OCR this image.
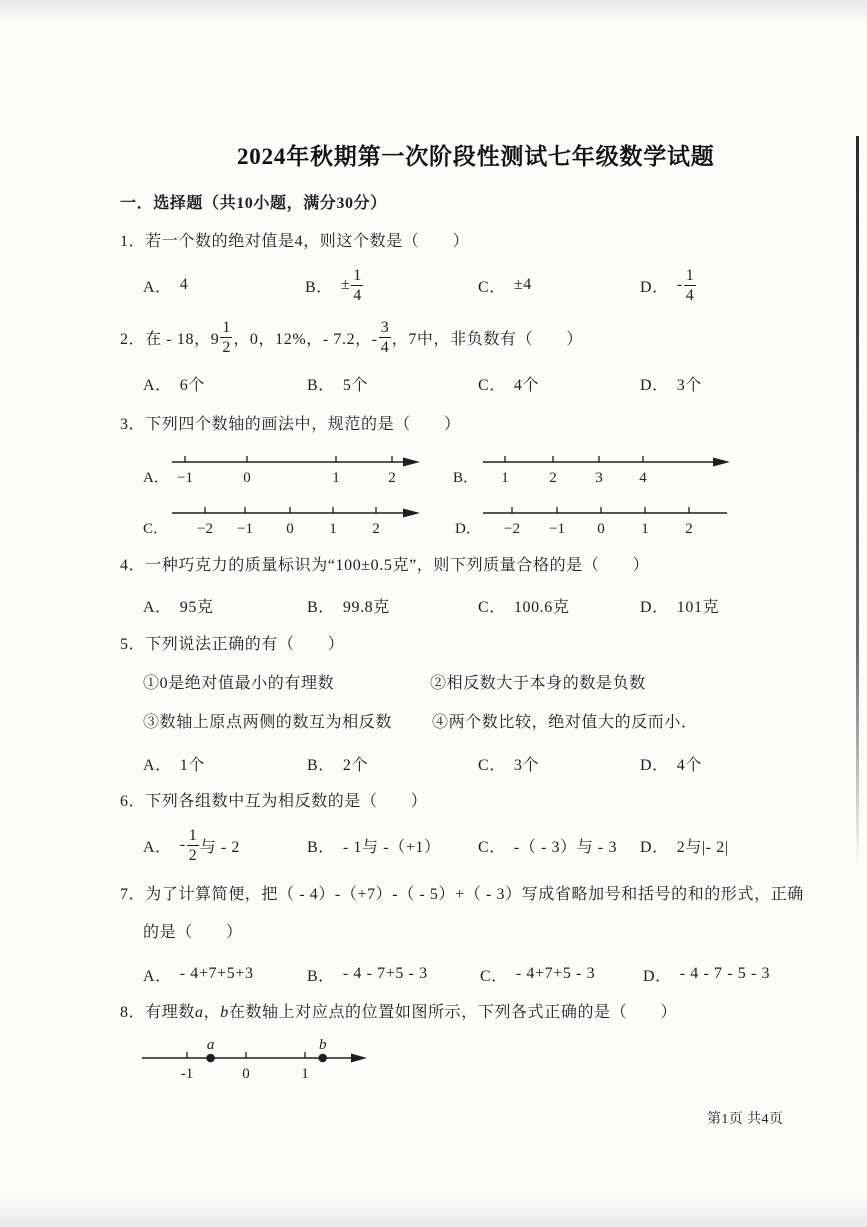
2024年秋期第一次阶段性测试七年级数学试题
一．选择题（共10小题，满分30分）
1．若一个数的绝对值是4，则这个数是（　　）
A． 4	B． ± $\frac{1}{4}$	C． ±4	D． - $\frac{1}{4}$
2．在 - 18，$9 \frac{1}{2}$ ，0，12%，- 7.2，- $\frac{3}{4}$ ，7中，非负数有（　　）
A． 6个	B． 5个	C． 4个	D． 3个
3．下列四个数轴的画法中，规范的是（　　）
A． −1	0	1	2	B． 1	2	3 4
C． −2 −1 0 1 2	D． −2 −1 0 1 2
4．一种巧克力的质量标识为“100±0.5克”，则下列质量合格的是（　　）
A． 95克	B． 99.8克	C． 100.6克	D． 101克
5．下列说法正确的有（　　）
①0是绝对值最小的有理数	②相反数大于本身的数是负数
③数轴上原点两侧的数互为相反数 ④两个数比较，绝对值大的反而小．
A． 1个	B． 2个	C． 3个	D． 4个
6．下列各组数中互为相反数的是（　　）
A． - $\frac{1}{2}$ 与 - 2	B． - 1与 -（+1） C． -（ - 3）与 - 3 D． 2与|- 2|
7．为了计算简便，把（ - 4）-（+7）-（ - 5）+（ - 3）写成省略加号和括号的和的形式，正确
的是（　　）
A． - 4+7+5+3	B． - 4 - 7+5 - 3	C． - 4+7+5 - 3	D． - 4 - 7 - 5 - 3
8．有理数a，b在数轴上对应点的位置如图所示，下列各式正确的是（　　）
-1	0	1
a	b
第1页 共4页
